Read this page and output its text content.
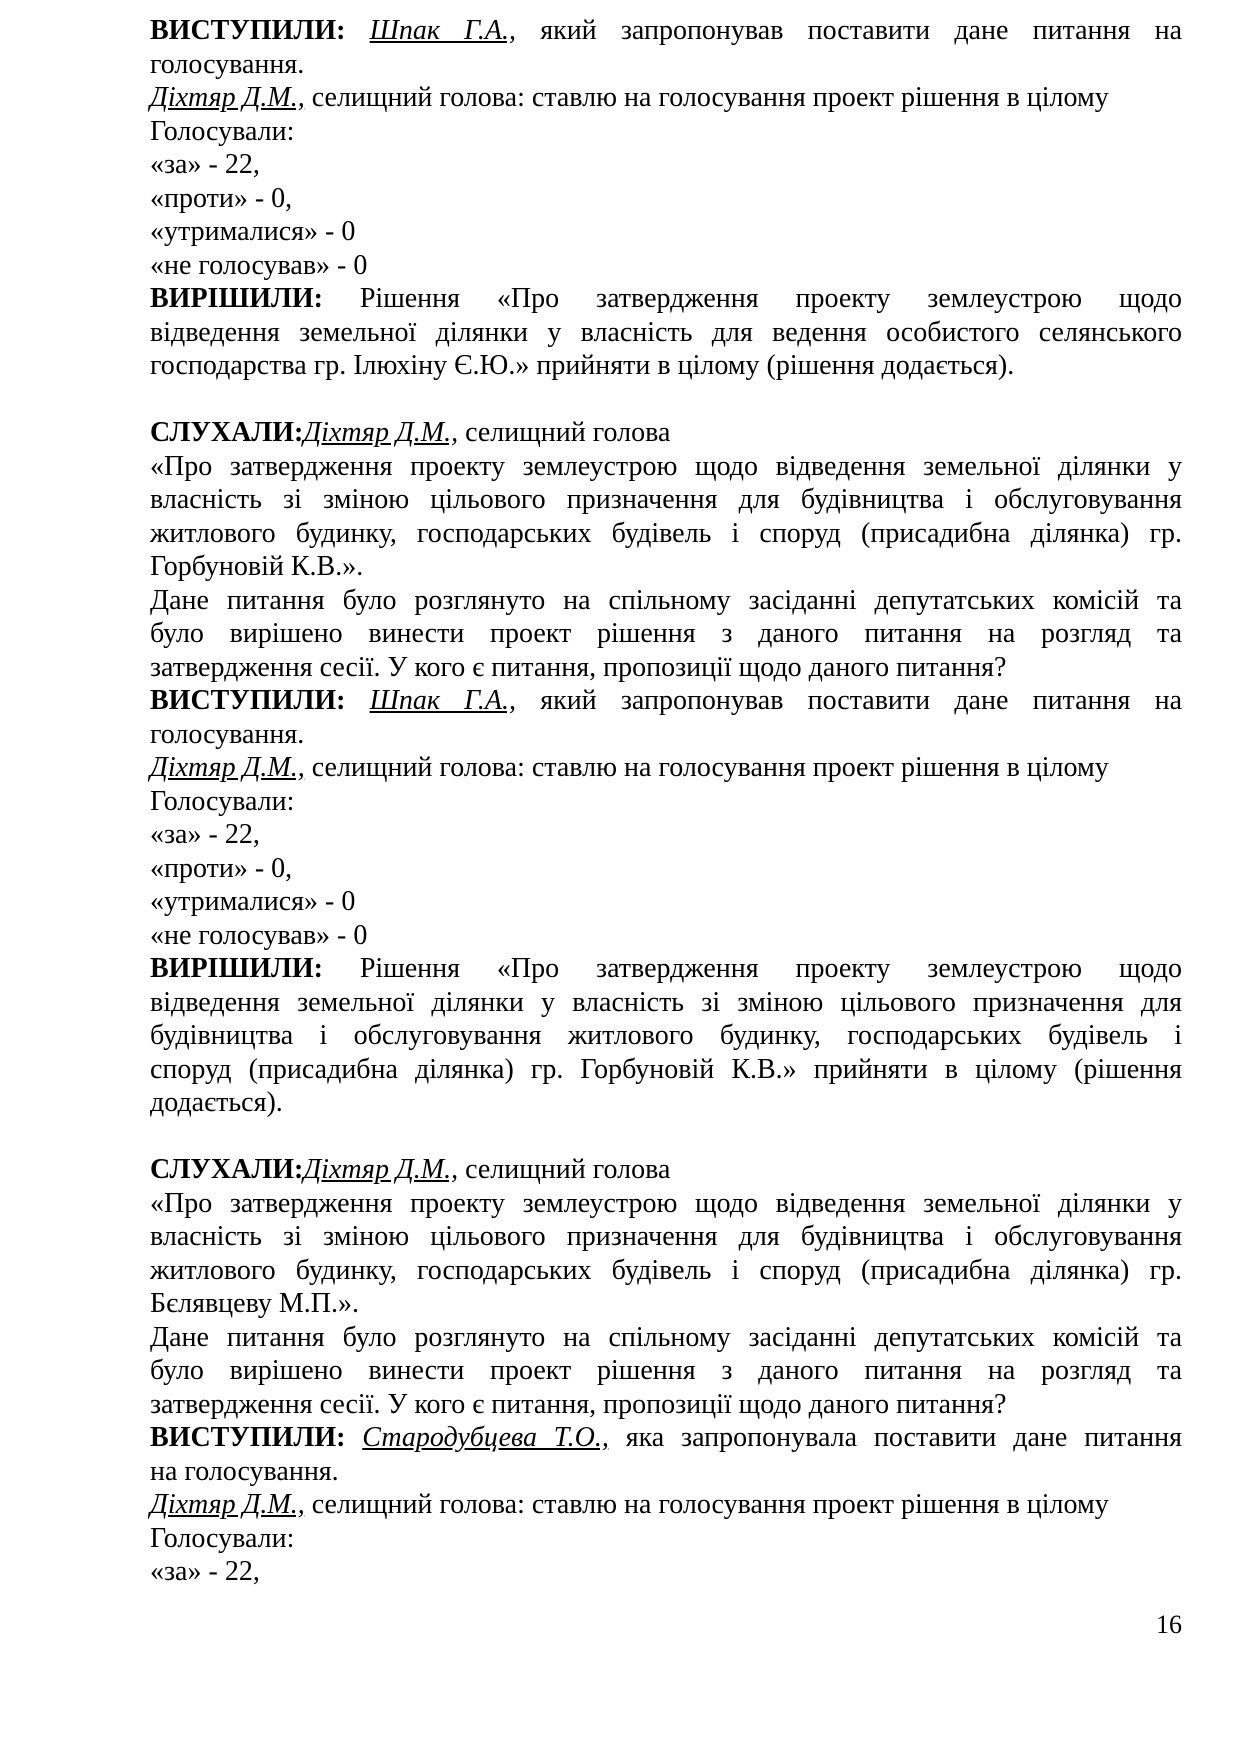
ВИСТУПИЛИ: Шпак Г.А., який запропонував поставити дане питання на
голосування.
Діхтяр Д.М., селищний голова: ставлю на голосування проект рішення в цілому
Голосували:
«за» - 22,
«проти» - 0,
«утрималися» - 0
«не голосував» - 0
ВИРІШИЛИ: Рішення «Про затвердження проекту землеустрою щодо
відведення земельної ділянки у власність для ведення особистого селянського
господарства гр. Ілюхіну Є.Ю.» прийняти в цілому (рішення додається).
СЛУХАЛИ:Діхтяр Д.М., селищний голова
«Про затвердження проекту землеустрою щодо відведення земельної ділянки у
власність зі зміною цільового призначення для будівництва і обслуговування
житлового будинку, господарських будівель і споруд (присадибна ділянка) гр.
Горбуновій К.В.».
Дане питання було розглянуто на спільному засіданні депутатських комісій та
було вирішено винести проект рішення з даного питання на розгляд та
затвердження сесії. У кого є питання, пропозиції щодо даного питання?
ВИСТУПИЛИ: Шпак Г.А., який запропонував поставити дане питання на
голосування.
Діхтяр Д.М., селищний голова: ставлю на голосування проект рішення в цілому
Голосували:
«за» - 22,
«проти» - 0,
«утрималися» - 0
«не голосував» - 0
ВИРІШИЛИ: Рішення «Про затвердження проекту землеустрою щодо
відведення земельної ділянки у власність зі зміною цільового призначення для
будівництва і обслуговування житлового будинку, господарських будівель і
споруд (присадибна ділянка) гр. Горбуновій К.В.» прийняти в цілому (рішення
додається).
СЛУХАЛИ:Діхтяр Д.М., селищний голова
«Про затвердження проекту землеустрою щодо відведення земельної ділянки у
власність зі зміною цільового призначення для будівництва і обслуговування
житлового будинку, господарських будівель і споруд (присадибна ділянка) гр.
Бєлявцеву М.П.».
Дане питання було розглянуто на спільному засіданні депутатських комісій та
було вирішено винести проект рішення з даного питання на розгляд та
затвердження сесії. У кого є питання, пропозиції щодо даного питання?
ВИСТУПИЛИ: Стародубцева Т.О., яка запропонувала поставити дане питання
на голосування.
Діхтяр Д.М., селищний голова: ставлю на голосування проект рішення в цілому
Голосували:
«за» - 22,
16
